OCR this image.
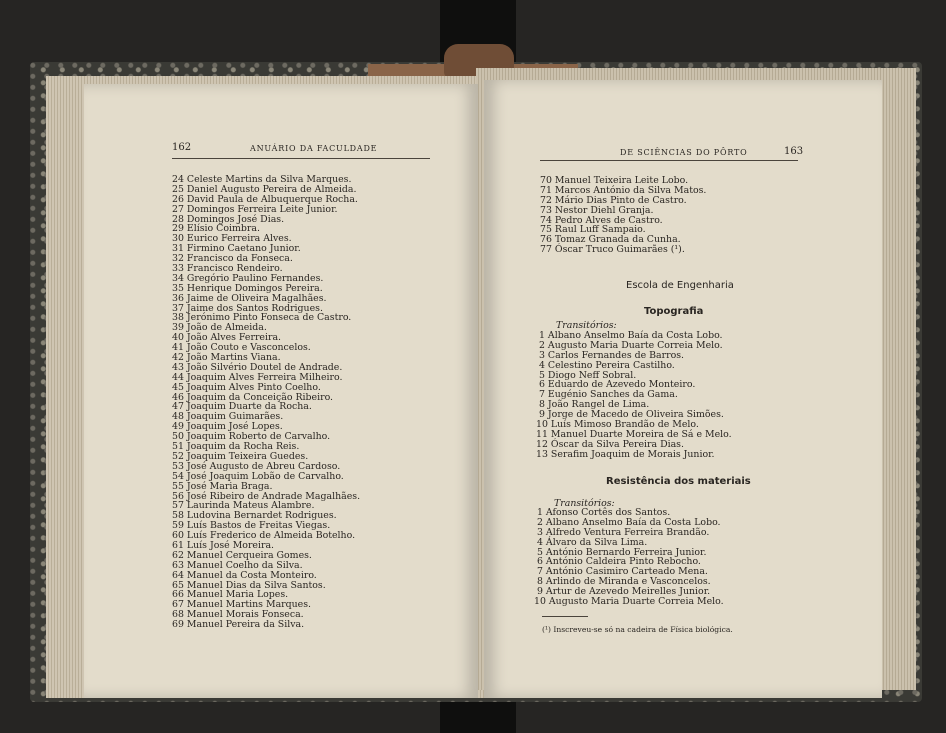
162	ANUÁRIO DA FACULDADE
24 Celeste Martins da Silva Marques.
25 Daniel Augusto Pereira de Almeida.
26 David Paula de Albuquerque Rocha.
27 Domingos Ferreira Leite Junior.
28 Domingos José Dias.
29 Elísio Coimbra.
30 Eurico Ferreira Alves.
31 Firmino Caetano Junior.
32 Francisco da Fonseca.
33 Francisco Rendeiro.
34 Gregório Paulino Fernandes.
35 Henrique Domingos Pereira.
36 Jaime de Oliveira Magalhães.
37 Jaime dos Santos Rodrigues.
38 Jerónimo Pinto Fonseca de Castro.
39 João de Almeida.
40 João Alves Ferreira.
41 João Couto e Vasconcelos.
42 João Martins Viana.
43 João Silvério Doutel de Andrade.
44 Joaquim Alves Ferreira Milheiro.
45 Joaquim Alves Pinto Coelho.
46 Joaquim da Conceição Ribeiro.
47 Joaquim Duarte da Rocha.
48 Joaquim Guimarães.
49 Joaquim José Lopes.
50 Joaquim Roberto de Carvalho.
51 Joaquim da Rocha Reis.
52 Joaquim Teixeira Guedes.
53 José Augusto de Abreu Cardoso.
54 José Joaquim Lobão de Carvalho.
55 José Maria Braga.
56 José Ribeiro de Andrade Magalhães.
57 Laurinda Mateus Alambre.
58 Ludovina Bernardet Rodrigues.
59 Luís Bastos de Freitas Viegas.
60 Luís Frederico de Almeida Botelho.
61 Luís José Moreira.
62 Manuel Cerqueira Gomes.
63 Manuel Coelho da Silva.
64 Manuel da Costa Monteiro.
65 Manuel Dias da Silva Santos.
66 Manuel Maria Lopes.
67 Manuel Martins Marques.
68 Manuel Morais Fonseca.
69 Manuel Pereira da Silva.
DE SCIÊNCIAS DO PÔRTO	163
70 Manuel Teixeira Leite Lobo.
71 Marcos António da Silva Matos.
72 Mário Dias Pinto de Castro.
73 Nestor Diehl Granja.
74 Pedro Alves de Castro.
75 Raul Luff Sampaio.
76 Tomaz Granada da Cunha.
77 Óscar Truco Guimarães (¹).
Escola de Engenharia
Topografia
Transitórios:
1 Albano Anselmo Baía da Costa Lobo.
2 Augusto Maria Duarte Correia Melo.
3 Carlos Fernandes de Barros.
4 Celestino Pereira Castilho.
5 Diogo Neff Sobral.
6 Eduardo de Azevedo Monteiro.
7 Eugénio Sanches da Gama.
8 João Rangel de Lima.
9 Jorge de Macedo de Oliveira Simões.
10 Luís Mimoso Brandão de Melo.
11 Manuel Duarte Moreira de Sá e Melo.
12 Óscar da Silva Pereira Dias.
13 Serafim Joaquim de Morais Junior.
Resistência dos materiais
Transitórios:
1 Afonso Cortês dos Santos.
2 Albano Anselmo Baía da Costa Lobo.
3 Alfredo Ventura Ferreira Brandão.
4 Álvaro da Silva Lima.
5 António Bernardo Ferreira Junior.
6 António Caldeira Pinto Rebocho.
7 António Casimiro Carteado Mena.
8 Arlindo de Miranda e Vasconcelos.
9 Artur de Azevedo Meirelles Junior.
10 Augusto Maria Duarte Correia Melo.
(¹) Inscreveu-se só na cadeira de Física biológica.
